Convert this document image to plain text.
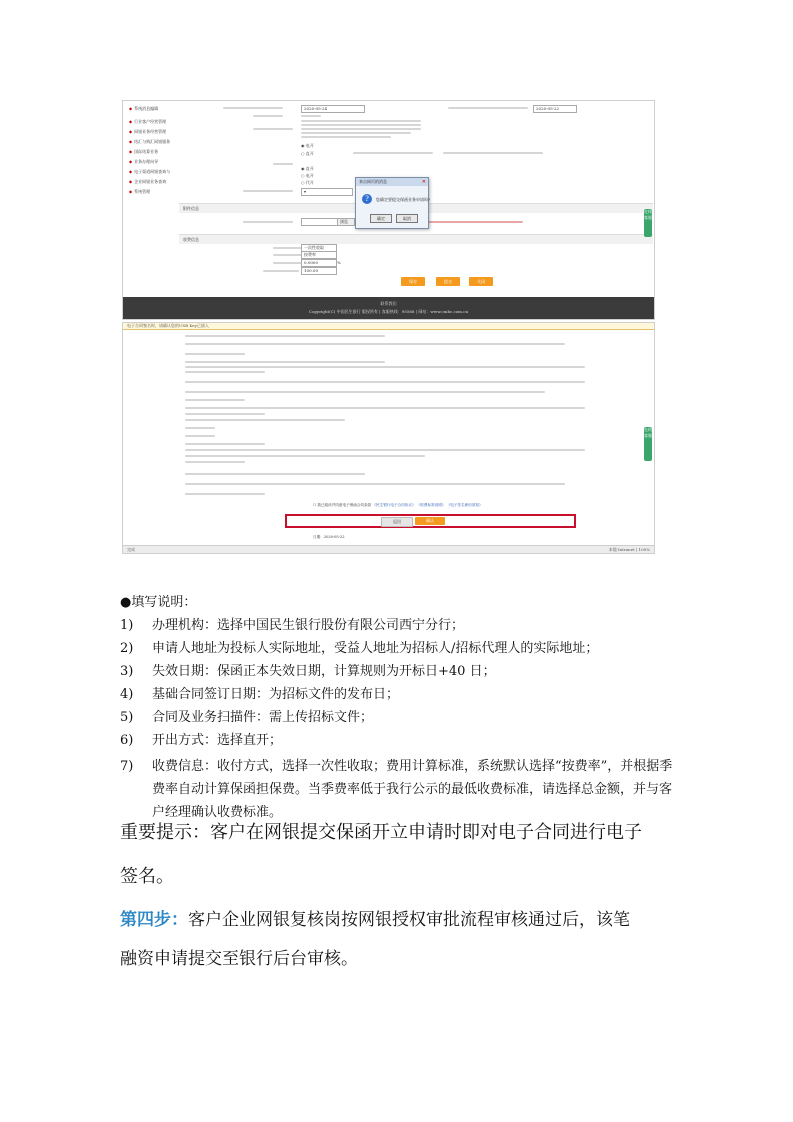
◆ 系统消息编辑
◆ 行业客户经营管理
◆ 网银业务经营管理
◆ 结汇与购汇网银服务
◆ 国际结算业务
◆ 业务办理向导
◆ 电子渠道网银查询与
◆ 企业网银业务查询
◆ 系统管理
2020-05-24	2020-05-22
◉ 电开
○ 直开
◉ 直开
○ 电开
○ 代开
▾
附件信息
浏览
收费信息
一次性收取
按费率
0.0000	%
100.00
保存	提交	关闭
在线客服
联系我们
Copyright(C) 中国民生银行 版权所有 | 客服热线：95568 | 网站：www.cmbc.com.cn
来自网页的消息	✕
?	您确定要提交保函业务申请吗?
确定	取消
电子合同签名时，请确认您的USB Key已插入
☐ 我已阅读并同意电子保函合同条款 《民生银行电子合同协议》 《收费标准说明》 《电子签名使用须知》
返回	确认
日期：2020-05-22
在线客服
完成	本地 Intranet | 100%
●填写说明：
1) 办理机构：选择中国民生银行股份有限公司西宁分行；
2) 申请人地址为投标人实际地址，受益人地址为招标人/招标代理人的实际地址；
3) 失效日期：保函正本失效日期，计算规则为开标日+40 日；
4) 基础合同签订日期：为招标文件的发布日；
5) 合同及业务扫描件：需上传招标文件；
6) 开出方式：选择直开；
7) 收费信息：收付方式，选择一次性收取；费用计算标准，系统默认选择“按费率”，并根据季费率自动计算保函担保费。当季费率低于我行公示的最低收费标准，请选择总金额，并与客户经理确认收费标准。
重要提示：客户在网银提交保函开立申请时即对电子合同进行电子
签名。
第四步：客户企业网银复核岗按网银授权审批流程审核通过后，该笔
融资申请提交至银行后台审核。
